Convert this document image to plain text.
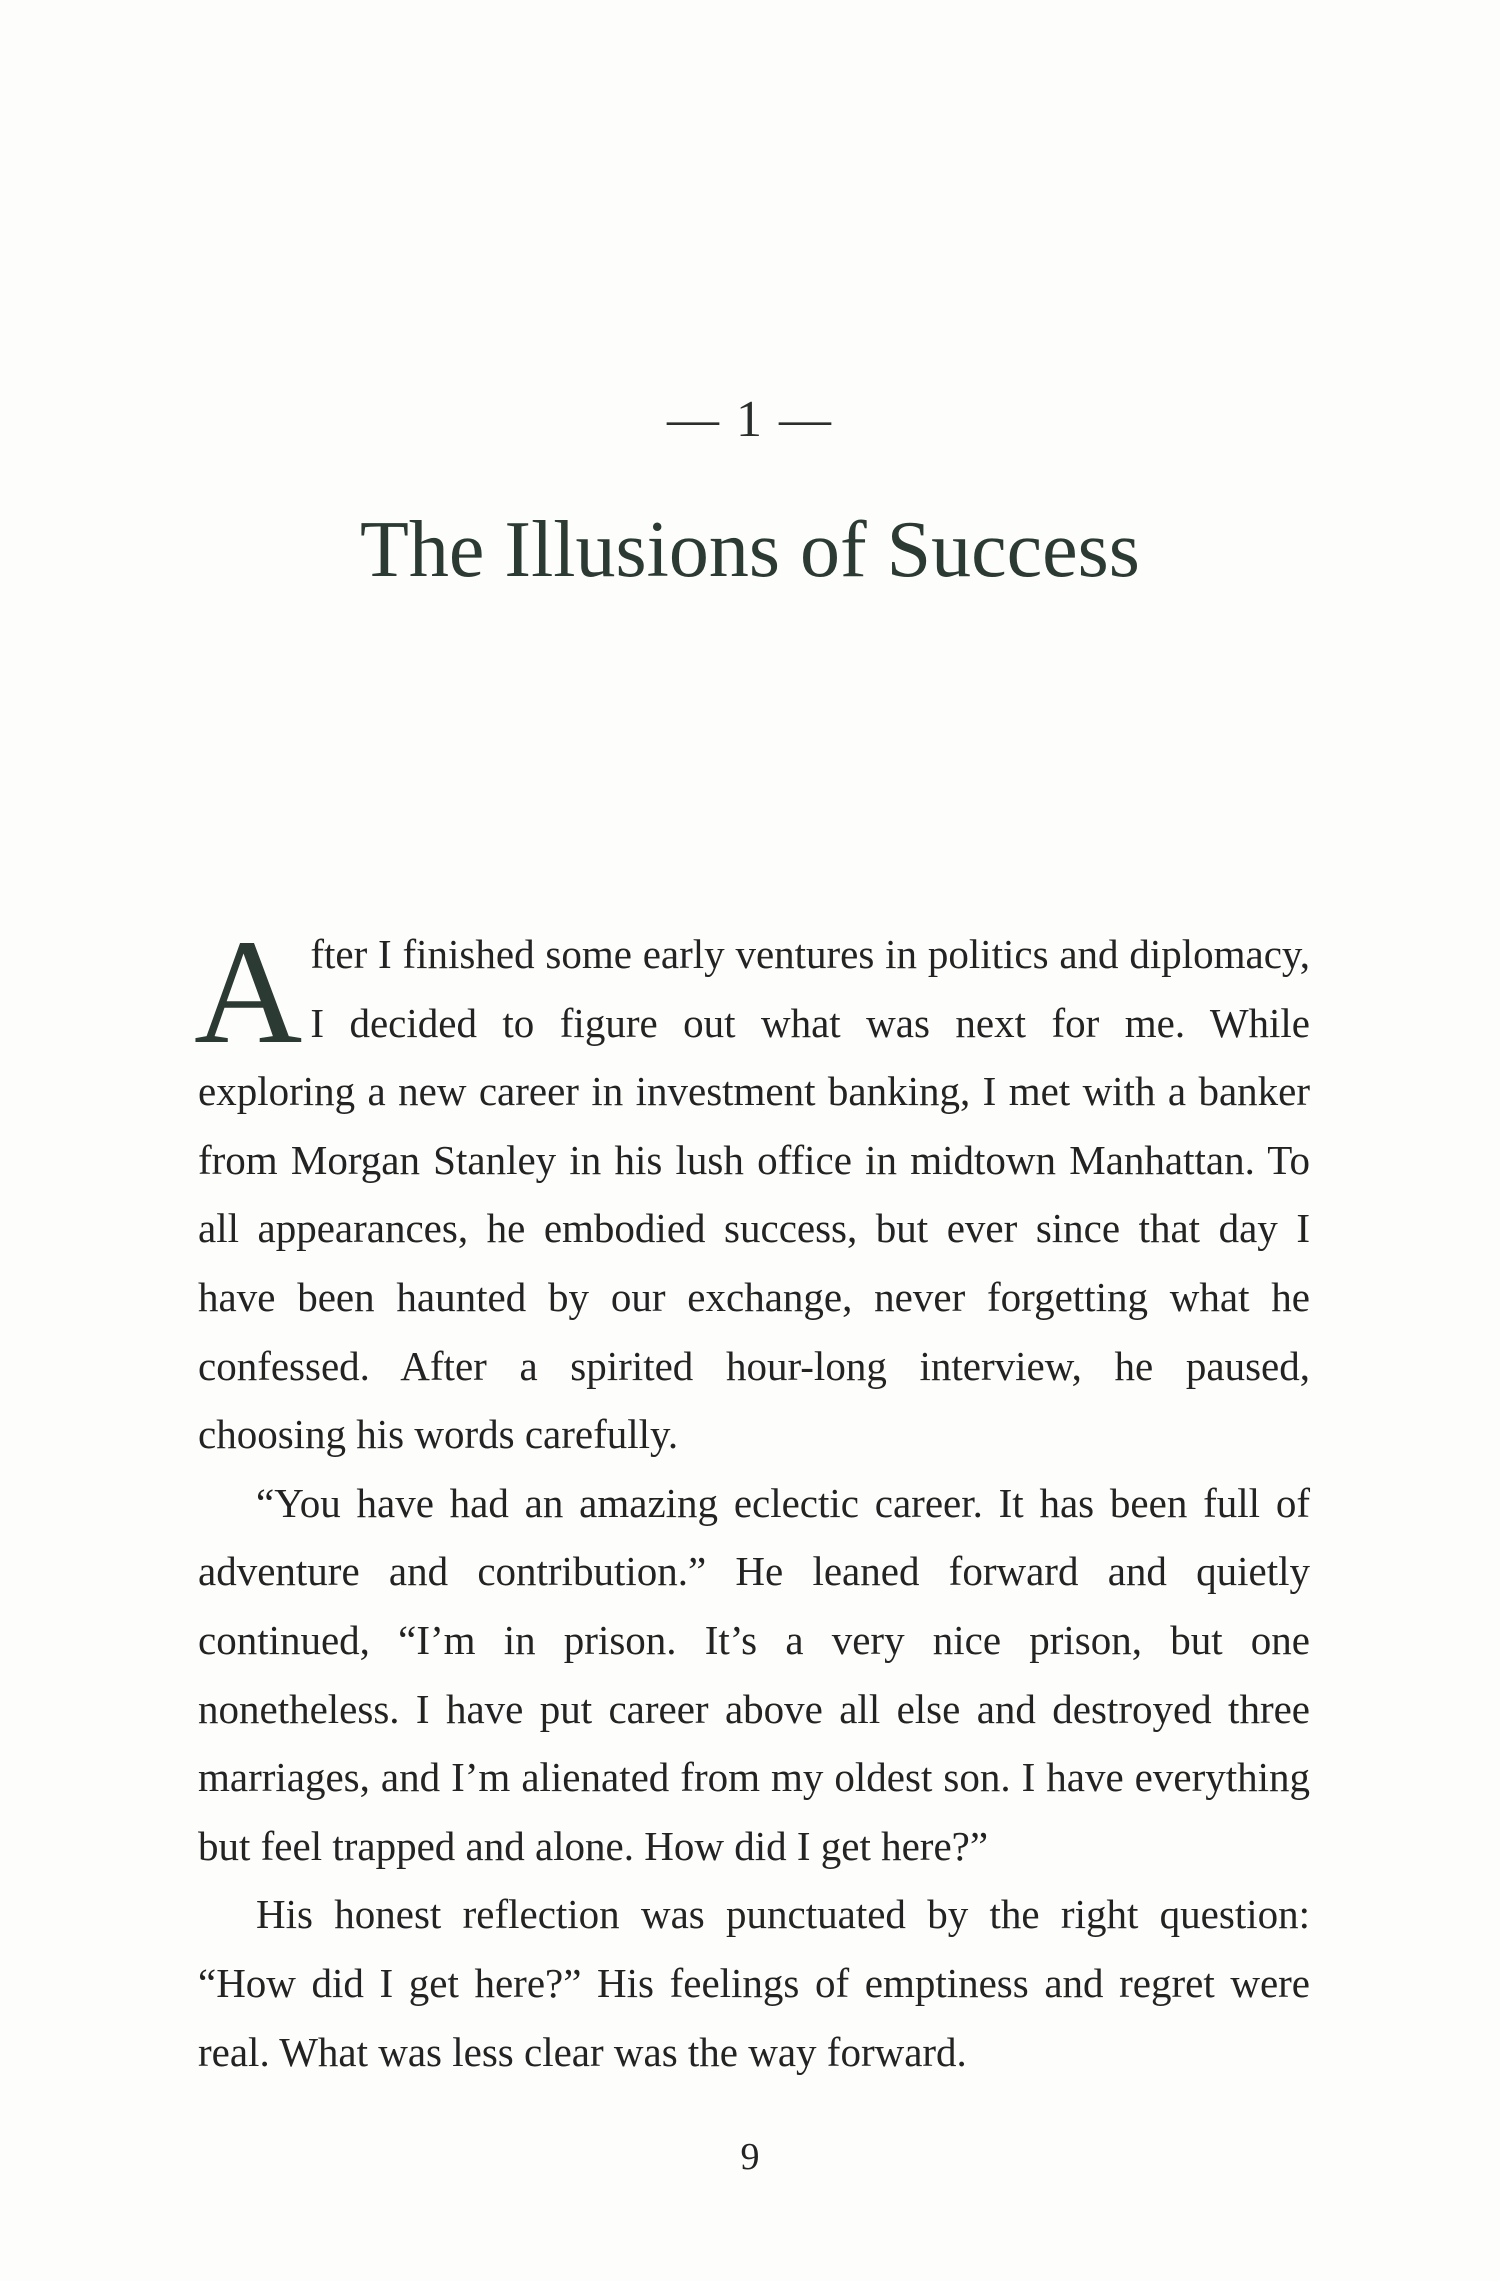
— 1 —
The Illusions of Success

After I finished some early ventures in politics and diplomacy, I decided to figure out what was next for me. While exploring a new career in investment banking, I met with a banker from Morgan Stanley in his lush office in midtown Manhattan. To all appearances, he embodied success, but ever since that day I have been haunted by our exchange, never forgetting what he confessed. After a spirited hour-long interview, he paused, choosing his words carefully.

“You have had an amazing eclectic career. It has been full of adventure and contribution.” He leaned forward and quietly continued, “I’m in prison. It’s a very nice prison, but one nonetheless. I have put career above all else and destroyed three marriages, and I’m alienated from my oldest son. I have everything but feel trapped and alone. How did I get here?”

His honest reflection was punctuated by the right question: “How did I get here?” His feelings of emptiness and regret were real. What was less clear was the way forward.

9
